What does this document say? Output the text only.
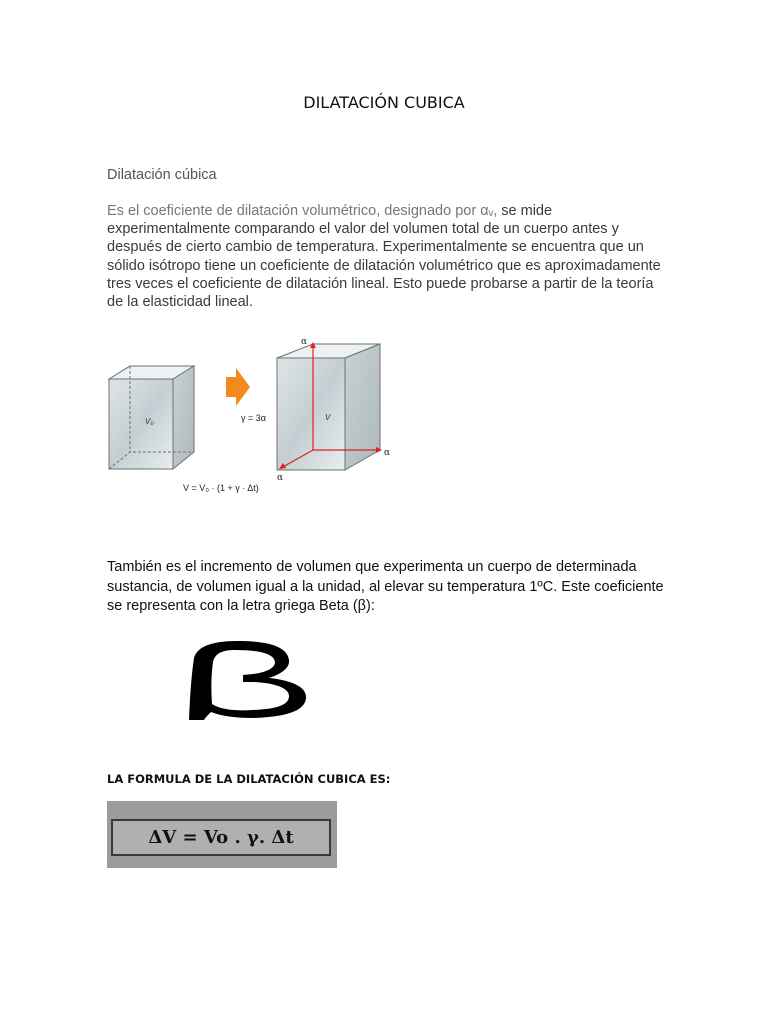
DILATACIÓN CUBICA
Dilatación cúbica
Es el coeficiente de dilatación volumétrico, designado por αᵥ, se mide experimentalmente comparando el valor del volumen total de un cuerpo antes y después de cierto cambio de temperatura. Experimentalmente se encuentra que un sólido isótropo tiene un coeficiente de dilatación volumétrico que es aproximadamente tres veces el coeficiente de dilatación lineal. Esto puede probarse a partir de la teoría de la elasticidad lineal.
V₀	γ = 3α	V
α
α
α
V = V₀ · (1 + γ · Δt)
También es el incremento de volumen que experimenta un cuerpo de determinada sustancia, de volumen igual a la unidad, al elevar su temperatura 1ºC. Este coeficiente se representa con la letra griega Beta (β):
LA FORMULA DE LA DILATACIÓN CUBICA ES:
ΔV = Vo . γ. Δt
